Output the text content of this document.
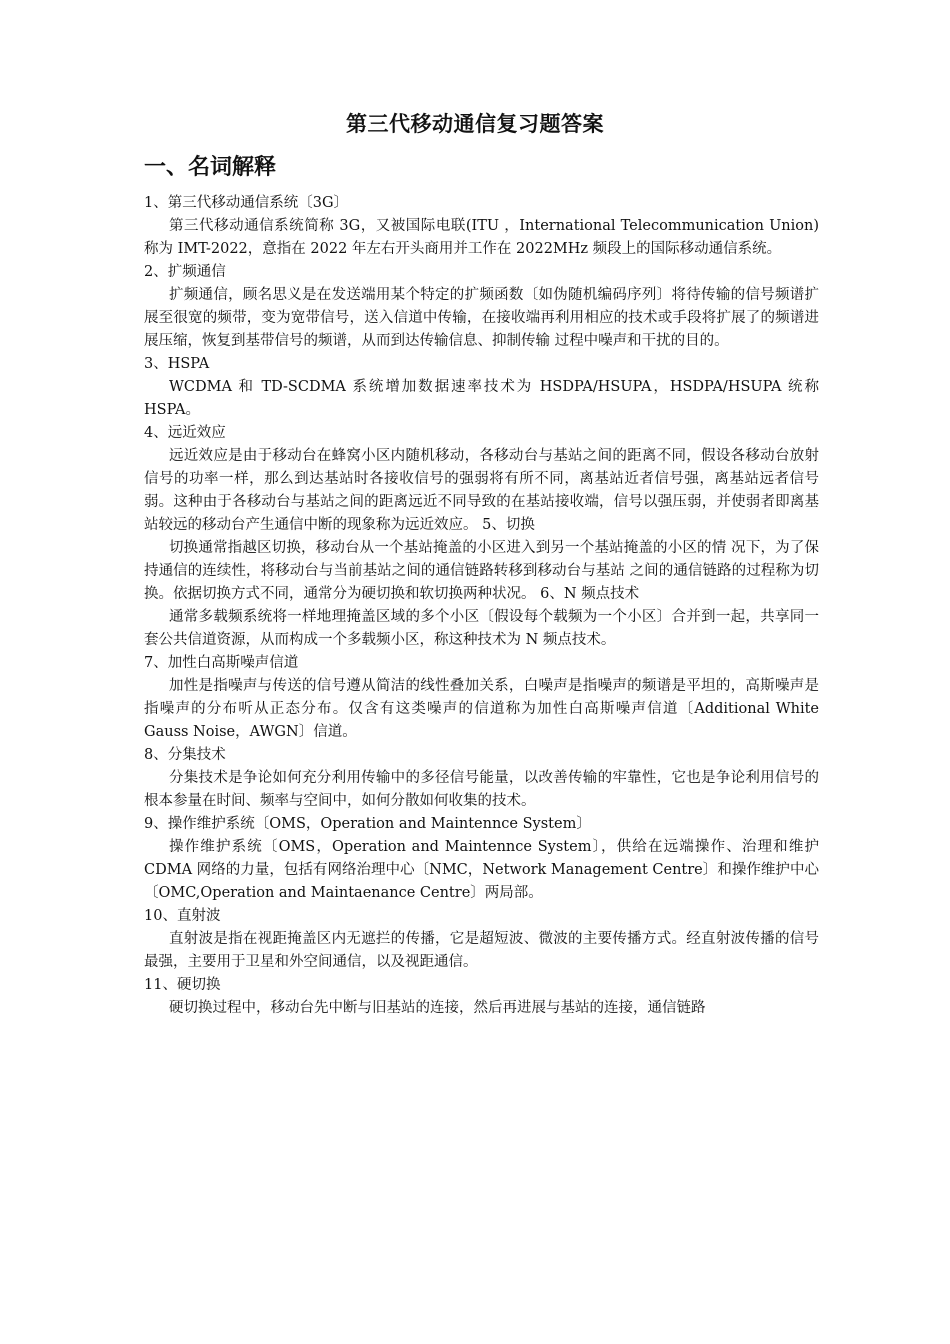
第三代移动通信复习题答案
一、名词解释

1、第三代移动通信系统〔3G〕

第三代移动通信系统简称 3G，又被国际电联(ITU ，International Telecommunication Union)称为 IMT-2022，意指在 2022 年左右开头商用并工作在 2022MHz 频段上的国际移动通信系统。

2、扩频通信

扩频通信，顾名思义是在发送端用某个特定的扩频函数〔如伪随机编码序列〕将待传输的信号频谱扩展至很宽的频带，变为宽带信号，送入信道中传输，在接收端再利用相应的技术或手段将扩展了的频谱进展压缩，恢复到基带信号的频谱，从而到达传输信息、抑制传输 过程中噪声和干扰的目的。

3、HSPA

WCDMA 和 TD-SCDMA 系统增加数据速率技术为 HSDPA/HSUPA，HSDPA/HSUPA 统称 HSPA。

4、远近效应

远近效应是由于移动台在蜂窝小区内随机移动，各移动台与基站之间的距离不同，假设各移动台放射信号的功率一样，那么到达基站时各接收信号的强弱将有所不同，离基站近者信号强，离基站远者信号弱。这种由于各移动台与基站之间的距离远近不同导致的在基站接收端，信号以强压弱，并使弱者即离基站较远的移动台产生通信中断的现象称为远近效应。 5、切换

切换通常指越区切换，移动台从一个基站掩盖的小区进入到另一个基站掩盖的小区的情 况下，为了保持通信的连续性，将移动台与当前基站之间的通信链路转移到移动台与基站 之间的通信链路的过程称为切换。依据切换方式不同，通常分为硬切换和软切换两种状况。 6、N 频点技术

通常多载频系统将一样地理掩盖区域的多个小区〔假设每个载频为一个小区〕合并到一起，共享同一套公共信道资源，从而构成一个多载频小区，称这种技术为 N 频点技术。

7、加性白高斯噪声信道

加性是指噪声与传送的信号遵从简洁的线性叠加关系，白噪声是指噪声的频谱是平坦的，高斯噪声是指噪声的分布听从正态分布。仅含有这类噪声的信道称为加性白高斯噪声信道〔Additional White Gauss Noise，AWGN〕信道。

8、分集技术

分集技术是争论如何充分利用传输中的多径信号能量，以改善传输的牢靠性，它也是争论利用信号的根本参量在时间、频率与空间中，如何分散如何收集的技术。

9、操作维护系统〔OMS，Operation and Maintennce System〕

操作维护系统〔OMS，Operation and Maintennce System〕，供给在远端操作、治理和维护 CDMA 网络的力量，包括有网络治理中心〔NMC，Network Management Centre〕和操作维护中心〔OMC,Operation and Maintaenance Centre〕两局部。

10、直射波

直射波是指在视距掩盖区内无遮拦的传播，它是超短波、微波的主要传播方式。经直射波传播的信号最强，主要用于卫星和外空间通信，以及视距通信。

11、硬切换

硬切换过程中，移动台先中断与旧基站的连接，然后再进展与基站的连接，通信链路
